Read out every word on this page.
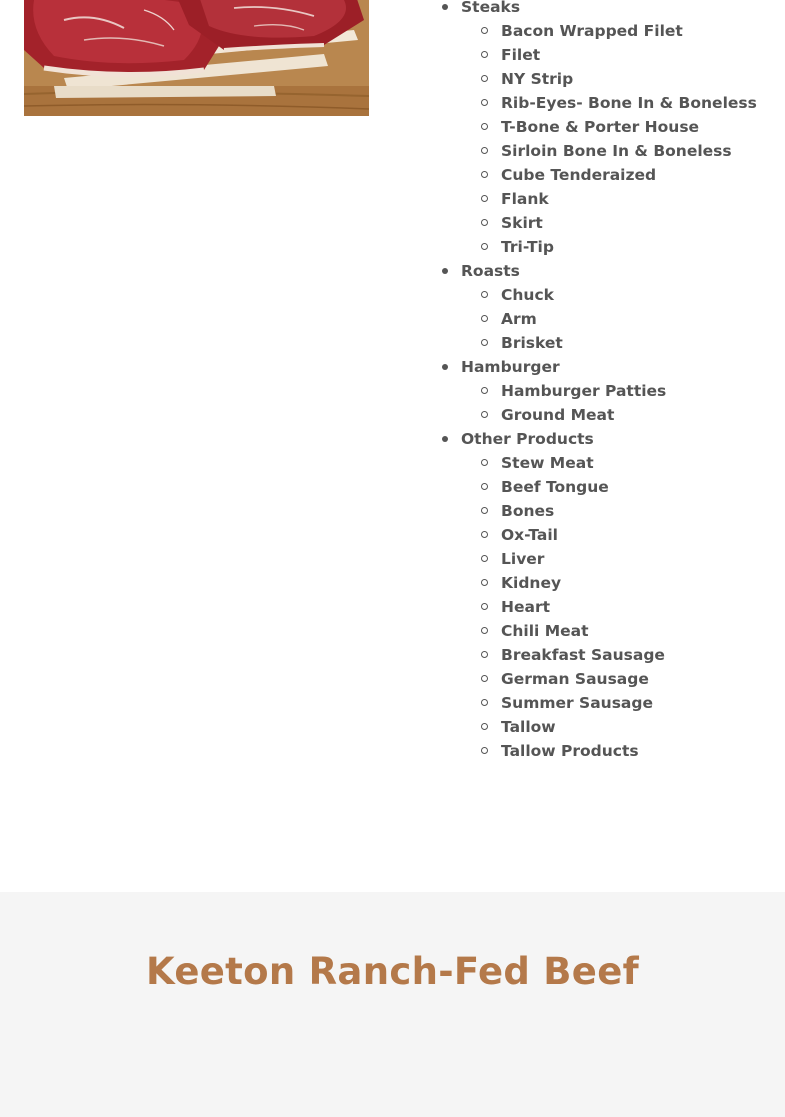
Steaks
Bacon Wrapped Filet
Filet
NY Strip
Rib-Eyes- Bone In & Boneless
T-Bone & Porter House
Sirloin Bone In & Boneless
Cube Tenderaized
Flank
Skirt
Tri-Tip
Roasts
Chuck
Arm
Brisket
Hamburger
Hamburger Patties
Ground Meat
Other Products
Stew Meat
Beef Tongue
Bones
Ox-Tail
Liver
Kidney
Heart
Chili Meat
Breakfast Sausage
German Sausage
Summer Sausage
Tallow
Tallow Products
Keeton Ranch-Fed Beef
